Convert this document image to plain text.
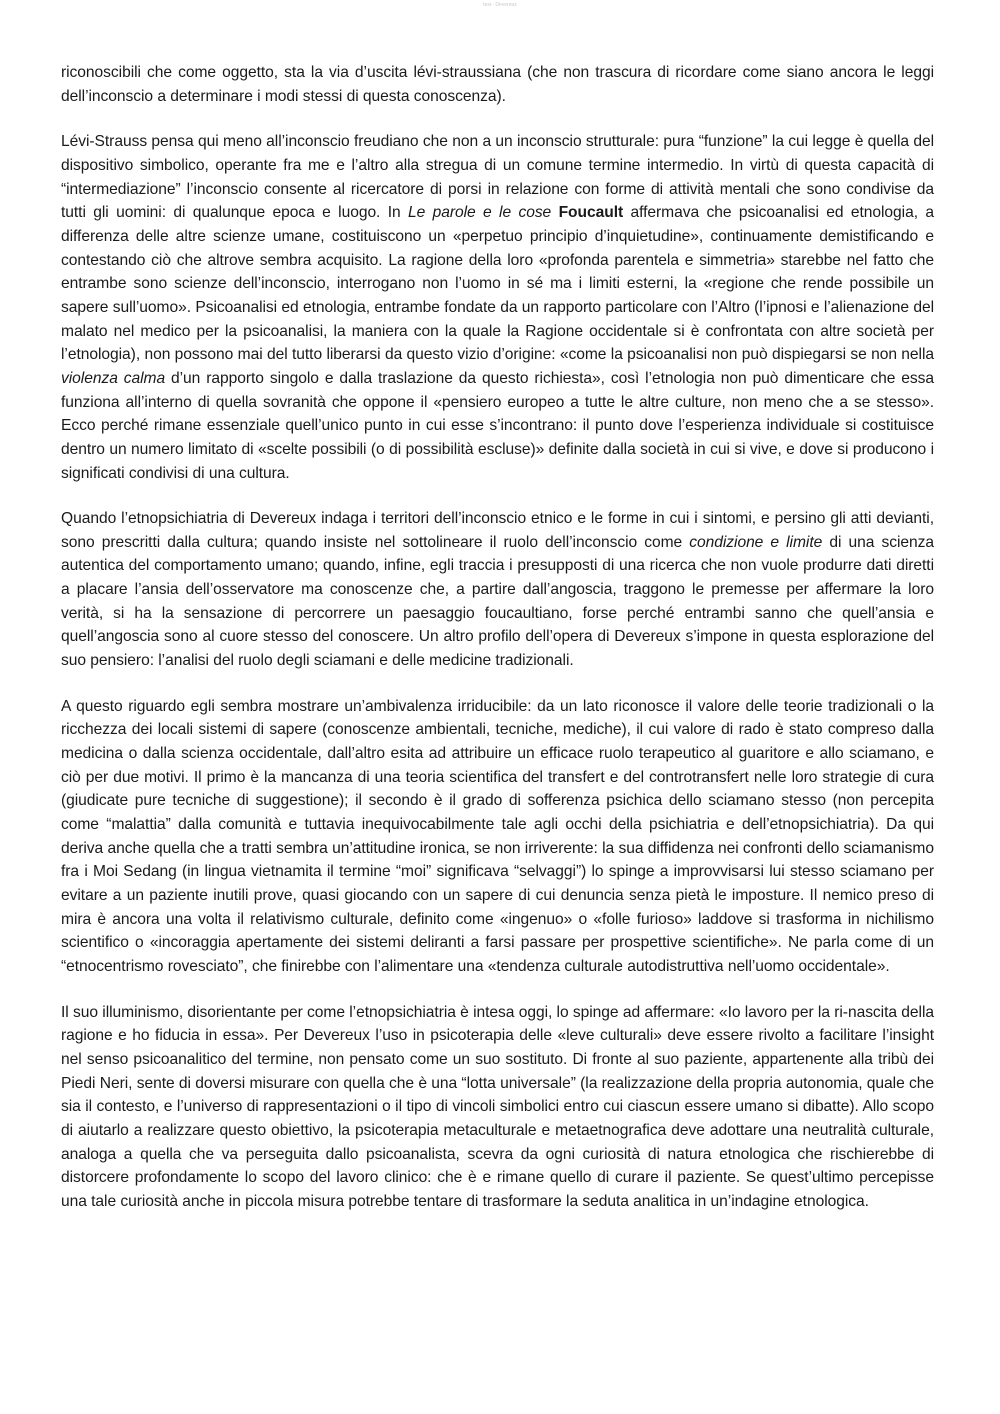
tesi - Devereux

riconoscibili che come oggetto, sta la via d’uscita lévi-straussiana (che non trascura di ricordare come siano ancora le leggi dell’inconscio a determinare i modi stessi di questa conoscenza).

Lévi-Strauss pensa qui meno all’inconscio freudiano che non a un inconscio strutturale: pura “funzione” la cui legge è quella del dispositivo simbolico, operante fra me e l’altro alla stregua di un comune termine intermedio. In virtù di questa capacità di “intermediazione” l’inconscio consente al ricercatore di porsi in relazione con forme di attività mentali che sono condivise da tutti gli uomini: di qualunque epoca e luogo. In Le parole e le cose Foucault affermava che psicoanalisi ed etnologia, a differenza delle altre scienze umane, costituiscono un «perpetuo principio d’inquietudine», continuamente demistificando e contestando ciò che altrove sembra acquisito. La ragione della loro «profonda parentela e simmetria» starebbe nel fatto che entrambe sono scienze dell’inconscio, interrogano non l’uomo in sé ma i limiti esterni, la «regione che rende possibile un sapere sull’uomo». Psicoanalisi ed etnologia, entrambe fondate da un rapporto particolare con l’Altro (l’ipnosi e l’alienazione del malato nel medico per la psicoanalisi, la maniera con la quale la Ragione occidentale si è confrontata con altre società per l’etnologia), non possono mai del tutto liberarsi da questo vizio d’origine: «come la psicoanalisi non può dispiegarsi se non nella violenza calma d’un rapporto singolo e dalla traslazione da questo richiesta», così l’etnologia non può dimenticare che essa funziona all’interno di quella sovranità che oppone il «pensiero europeo a tutte le altre culture, non meno che a se stesso». Ecco perché rimane essenziale quell’unico punto in cui esse s’incontrano: il punto dove l’esperienza individuale si costituisce dentro un numero limitato di «scelte possibili (o di possibilità escluse)» definite dalla società in cui si vive, e dove si producono i significati condivisi di una cultura.

Quando l’etnopsichiatria di Devereux indaga i territori dell’inconscio etnico e le forme in cui i sintomi, e persino gli atti devianti, sono prescritti dalla cultura; quando insiste nel sottolineare il ruolo dell’inconscio come condizione e limite di una scienza autentica del comportamento umano; quando, infine, egli traccia i presupposti di una ricerca che non vuole produrre dati diretti a placare l’ansia dell’osservatore ma conoscenze che, a partire dall’angoscia, traggono le premesse per affermare la loro verità, si ha la sensazione di percorrere un paesaggio foucaultiano, forse perché entrambi sanno che quell’ansia e quell’angoscia sono al cuore stesso del conoscere. Un altro profilo dell’opera di Devereux s’impone in questa esplorazione del suo pensiero: l’analisi del ruolo degli sciamani e delle medicine tradizionali.

A questo riguardo egli sembra mostrare un’ambivalenza irriducibile: da un lato riconosce il valore delle teorie tradizionali o la ricchezza dei locali sistemi di sapere (conoscenze ambientali, tecniche, mediche), il cui valore di rado è stato compreso dalla medicina o dalla scienza occidentale, dall’altro esita ad attribuire un efficace ruolo terapeutico al guaritore e allo sciamano, e ciò per due motivi. Il primo è la mancanza di una teoria scientifica del transfert e del controtransfert nelle loro strategie di cura (giudicate pure tecniche di suggestione); il secondo è il grado di sofferenza psichica dello sciamano stesso (non percepita come “malattia” dalla comunità e tuttavia inequivocabilmente tale agli occhi della psichiatria e dell’etnopsichiatria). Da qui deriva anche quella che a tratti sembra un’attitudine ironica, se non irriverente: la sua diffidenza nei confronti dello sciamanismo fra i Moi Sedang (in lingua vietnamita il termine “moi” significava “selvaggi”) lo spinge a improvvisarsi lui stesso sciamano per evitare a un paziente inutili prove, quasi giocando con un sapere di cui denuncia senza pietà le imposture. Il nemico preso di mira è ancora una volta il relativismo culturale, definito come «ingenuo» o «folle furioso» laddove si trasforma in nichilismo scientifico o «incoraggia apertamente dei sistemi deliranti a farsi passare per prospettive scientifiche». Ne parla come di un “etnocentrismo rovesciato”, che finirebbe con l’alimentare una «tendenza culturale autodistruttiva nell’uomo occidentale».

Il suo illuminismo, disorientante per come l’etnopsichiatria è intesa oggi, lo spinge ad affermare: «Io lavoro per la ri-nascita della ragione e ho fiducia in essa». Per Devereux l’uso in psicoterapia delle «leve culturali» deve essere rivolto a facilitare l’insight nel senso psicoanalitico del termine, non pensato come un suo sostituto. Di fronte al suo paziente, appartenente alla tribù dei Piedi Neri, sente di doversi misurare con quella che è una “lotta universale” (la realizzazione della propria autonomia, quale che sia il contesto, e l’universo di rappresentazioni o il tipo di vincoli simbolici entro cui ciascun essere umano si dibatte). Allo scopo di aiutarlo a realizzare questo obiettivo, la psicoterapia metaculturale e metaetnografica deve adottare una neutralità culturale, analoga a quella che va perseguita dallo psicoanalista, scevra da ogni curiosità di natura etnologica che rischierebbe di distorcere profondamente lo scopo del lavoro clinico: che è e rimane quello di curare il paziente. Se quest’ultimo percepisse una tale curiosità anche in piccola misura potrebbe tentare di trasformare la seduta analitica in un’indagine etnologica.
